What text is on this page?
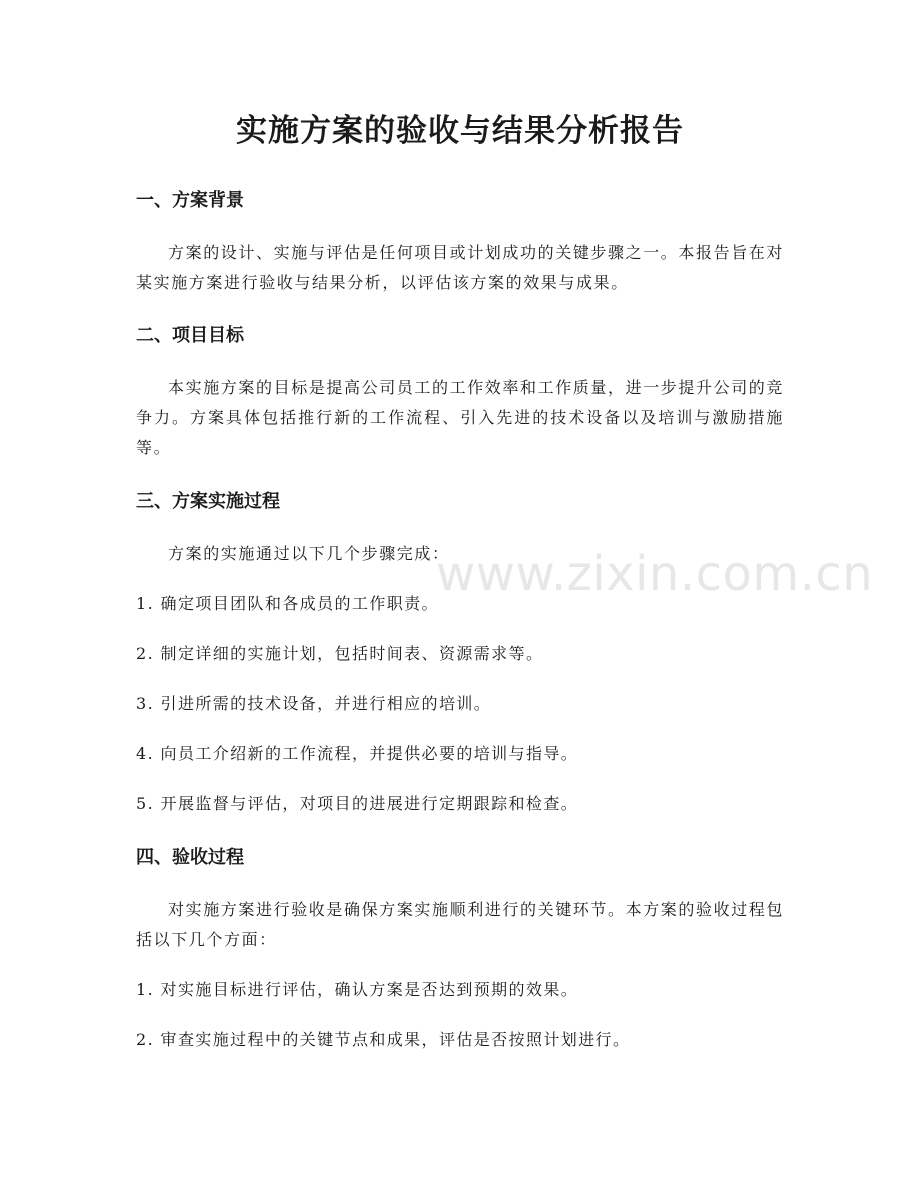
实施方案的验收与结果分析报告
www.zixin.com.cn
一、方案背景

方案的设计、实施与评估是任何项目或计划成功的关键步骤之一。本报告旨在对某实施方案进行验收与结果分析，以评估该方案的效果与成果。

二、项目目标

本实施方案的目标是提高公司员工的工作效率和工作质量，进一步提升公司的竞争力。方案具体包括推行新的工作流程、引入先进的技术设备以及培训与激励措施等。

三、方案实施过程

方案的实施通过以下几个步骤完成：

1. 确定项目团队和各成员的工作职责。

2. 制定详细的实施计划，包括时间表、资源需求等。

3. 引进所需的技术设备，并进行相应的培训。

4. 向员工介绍新的工作流程，并提供必要的培训与指导。

5. 开展监督与评估，对项目的进展进行定期跟踪和检查。

四、验收过程

对实施方案进行验收是确保方案实施顺利进行的关键环节。本方案的验收过程包括以下几个方面：

1. 对实施目标进行评估，确认方案是否达到预期的效果。

2. 审查实施过程中的关键节点和成果，评估是否按照计划进行。
